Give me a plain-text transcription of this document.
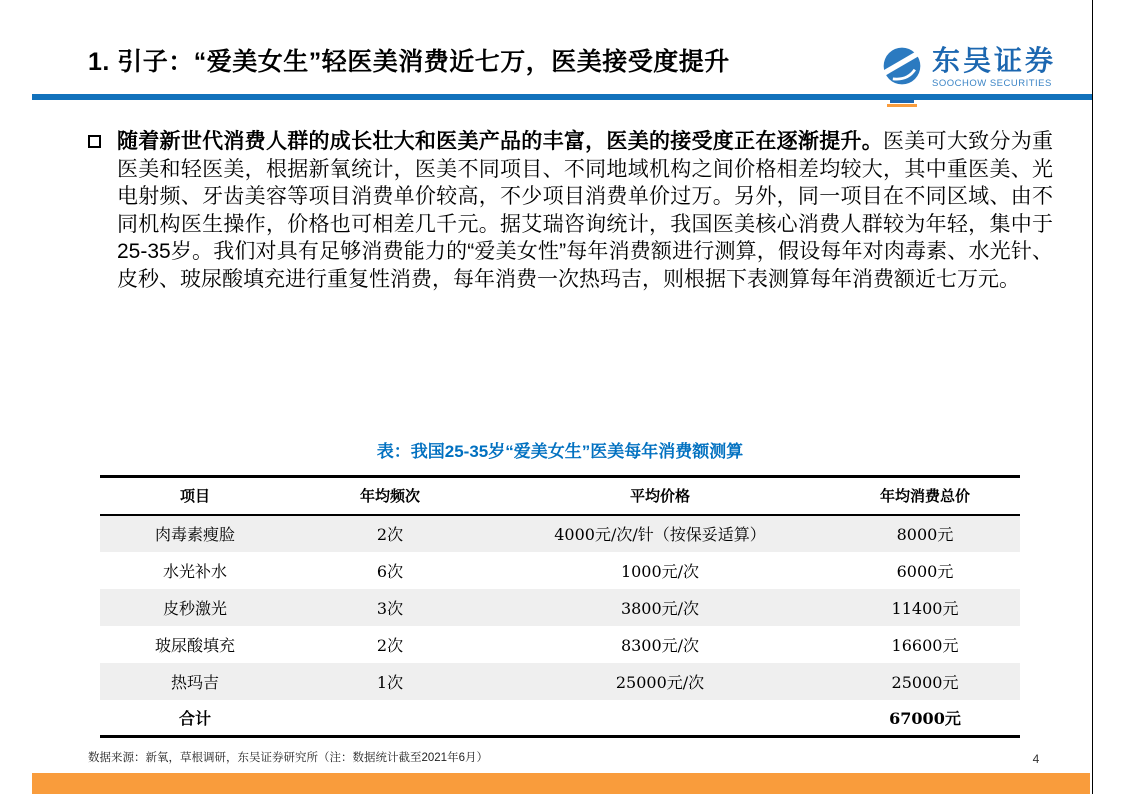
1. 引子：“爱美女生”轻医美消费近七万，医美接受度提升	东吴证券
SOOCHOW SECURITIES
随着新世代消费人群的成长壮大和医美产品的丰富，医美的接受度正在逐渐提升。医美可大致分为重医美和轻医美，根据新氧统计，医美不同项目、不同地域机构之间价格相差均较大，其中重医美、光电射频、牙齿美容等项目消费单价较高，不少项目消费单价过万。另外，同一项目在不同区域、由不同机构医生操作，价格也可相差几千元。据艾瑞咨询统计，我国医美核心消费人群较为年轻，集中于25-35岁。我们对具有足够消费能力的“爱美女性”每年消费额进行测算，假设每年对肉毒素、水光针、皮秒、玻尿酸填充进行重复性消费，每年消费一次热玛吉，则根据下表测算每年消费额近七万元。
表：我国25-35岁“爱美女生”医美每年消费额测算
项目	年均频次	平均价格	年均消费总价
肉毒素瘦脸	2次	4000元/次/针（按保妥适算）	8000元
水光补水	6次	1000元/次	6000元
皮秒激光	3次	3800元/次	11400元
玻尿酸填充	2次	8300元/次	16600元
热玛吉	1次	25000元/次	25000元
合计			67000元
数据来源：新氧，草根调研，东吴证券研究所（注：数据统计截至2021年6月）	4
